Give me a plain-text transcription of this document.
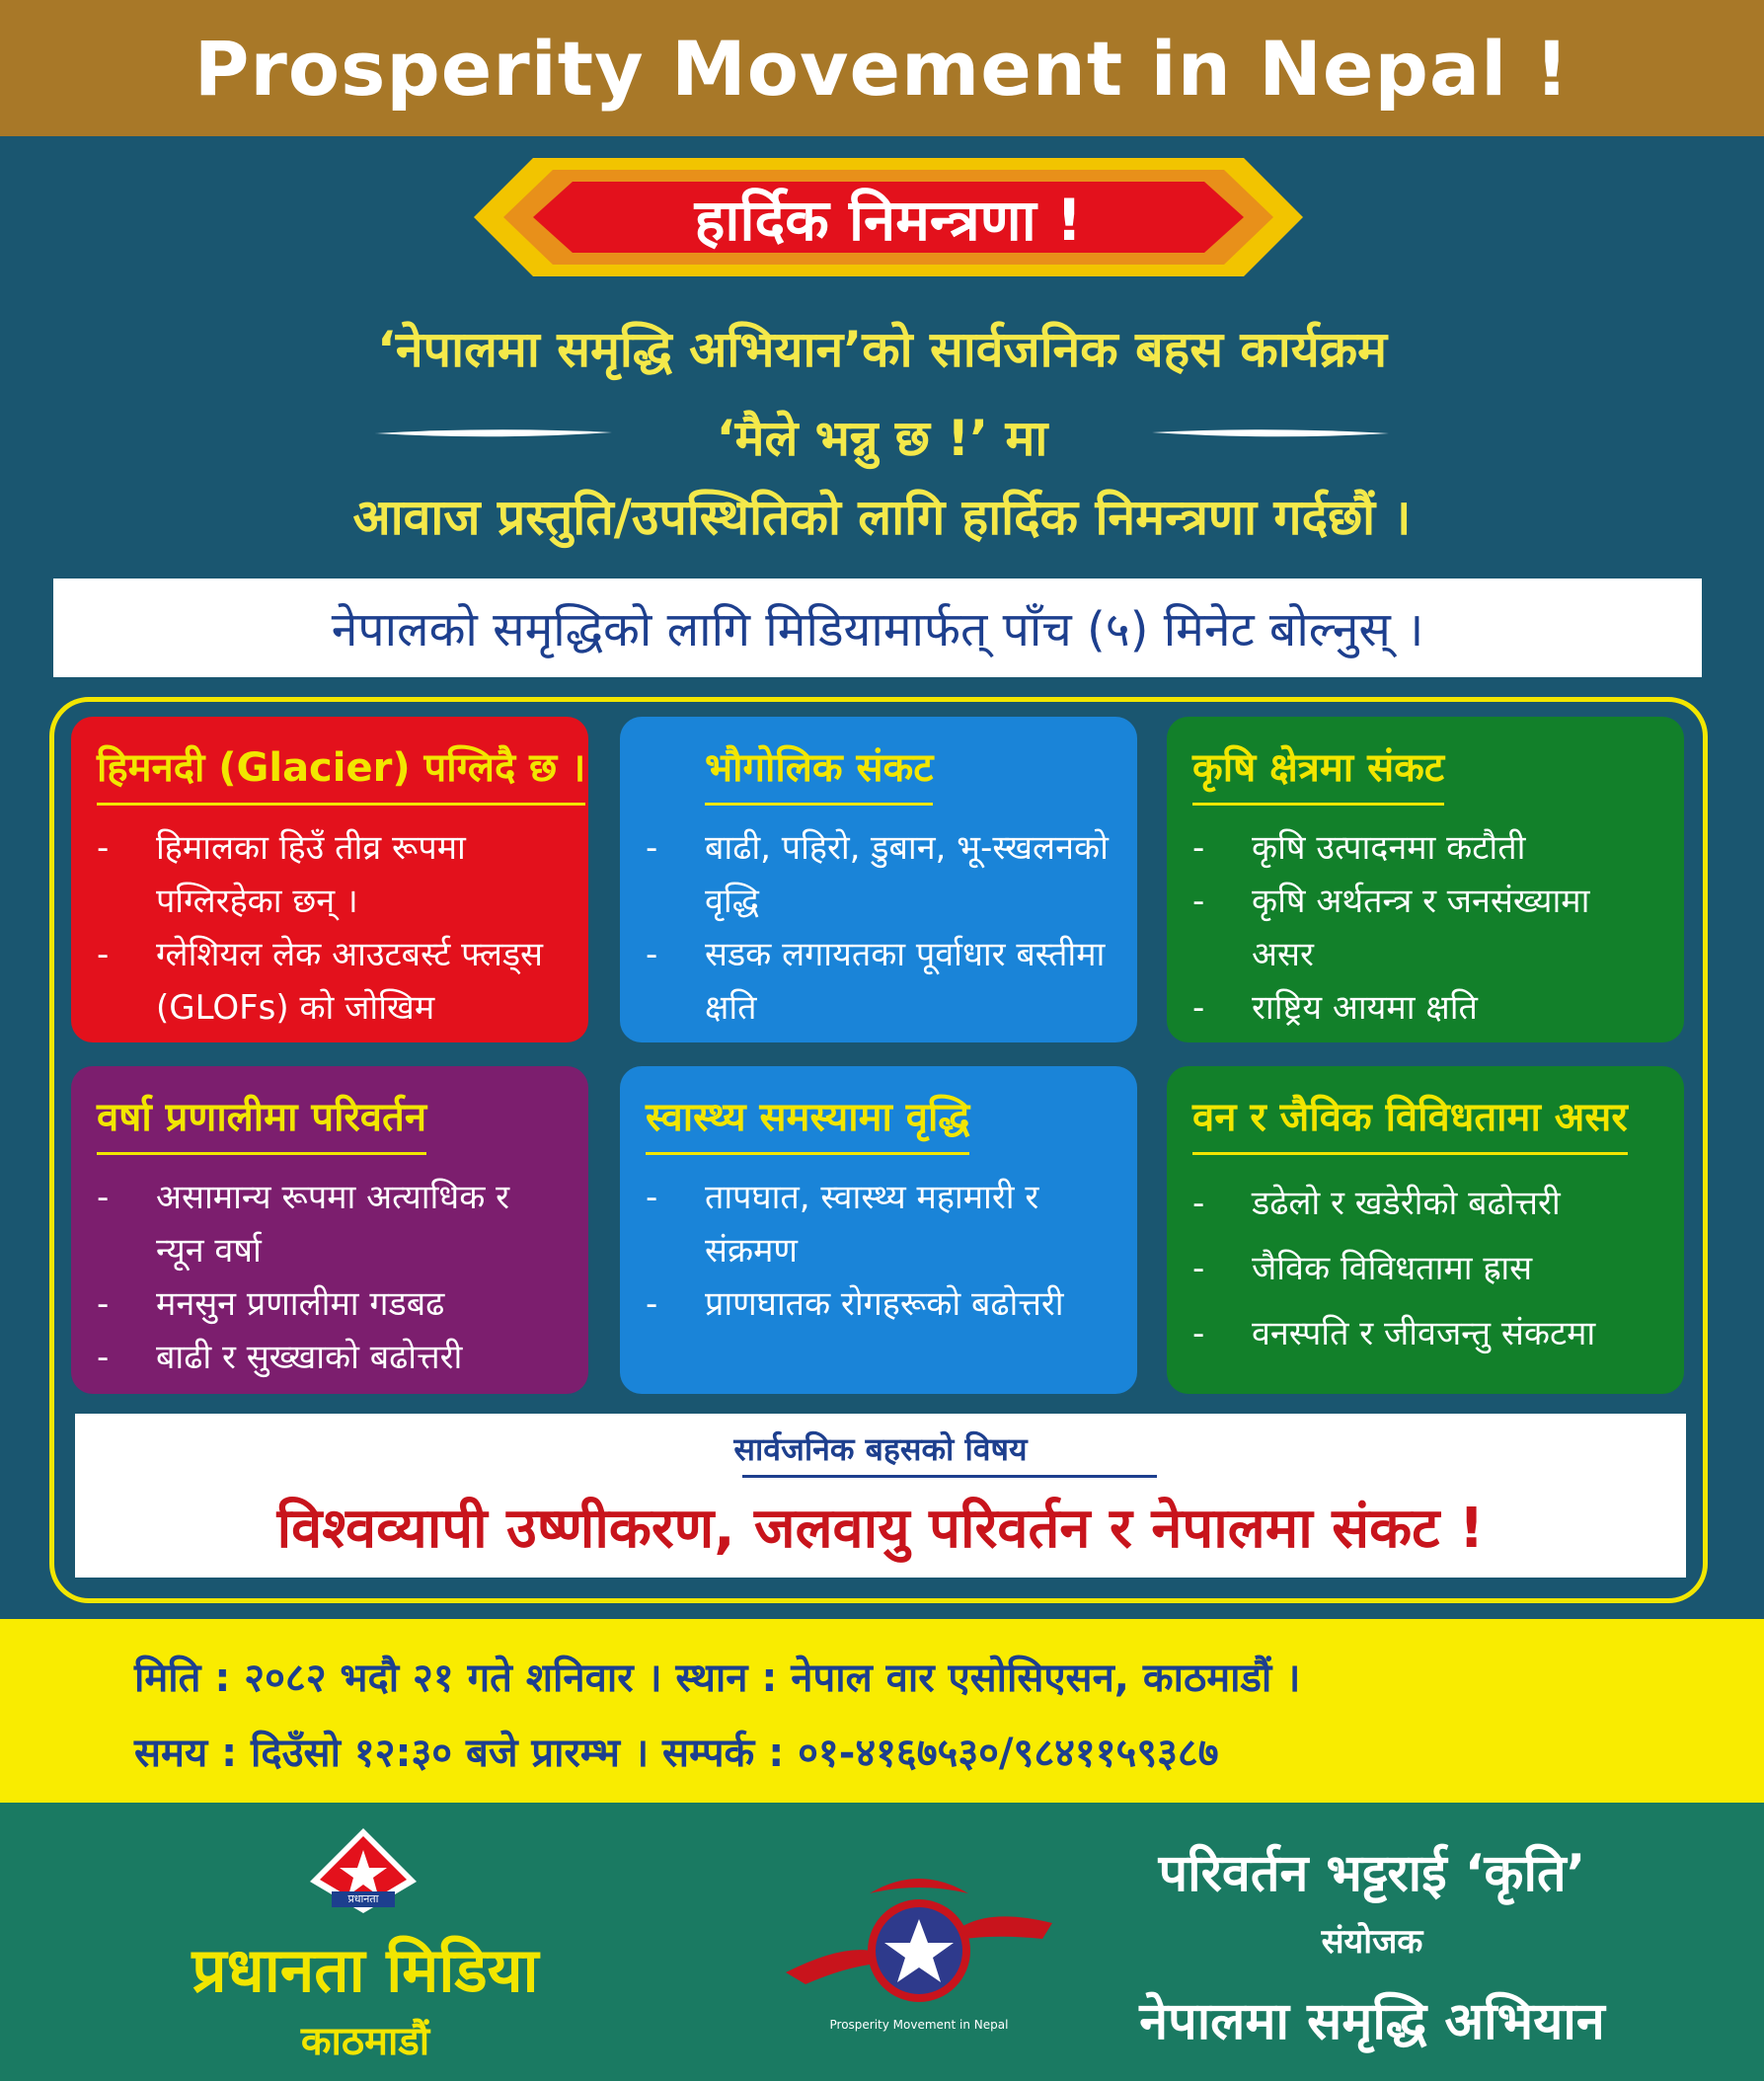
Prosperity Movement in Nepal !
हार्दिक निमन्त्रणा !
‘नेपालमा समृद्धि अभियान’को सार्वजनिक बहस कार्यक्रम
‘मैले भन्नु छ !’ मा
आवाज प्रस्तुति/उपस्थितिको लागि हार्दिक निमन्त्रणा गर्दछौं ।
नेपालको समृद्धिको लागि मिडियामार्फत् पाँच (५) मिनेट बोल्नुस् ।
हिमनदी (Glacier) पग्लिदै छ ।
- हिमालका हिउँ तीव्र रूपमा पग्लिरहेका छन् ।
- ग्लेशियल लेक आउटबर्स्ट फ्लड्स (GLOFs) को जोखिम
भौगोलिक संकट
- बाढी, पहिरो, डुबान, भू-स्खलनको वृद्धि
- सडक लगायतका पूर्वाधार बस्तीमा क्षति
कृषि क्षेत्रमा संकट
- कृषि उत्पादनमा कटौती
- कृषि अर्थतन्त्र र जनसंख्यामा असर
- राष्ट्रिय आयमा क्षति
वर्षा प्रणालीमा परिवर्तन
- असामान्य रूपमा अत्याधिक र न्यून वर्षा
- मनसुन प्रणालीमा गडबढ
- बाढी र सुख्खाको बढोत्तरी
स्वास्थ्य समस्यामा वृद्धि
- तापघात, स्वास्थ्य महामारी र संक्रमण
- प्राणघातक रोगहरूको बढोत्तरी
वन र जैविक विविधतामा असर
- डढेलो र खडेरीको बढोत्तरी
- जैविक विविधतामा ह्रास
- वनस्पति र जीवजन्तु संकटमा
सार्वजनिक बहसको विषय
विश्वव्यापी उष्णीकरण, जलवायु परिवर्तन र नेपालमा संकट !
मिति : २०८२ भदौ २१ गते शनिवार । स्थान : नेपाल वार एसोसिएसन, काठमाडौं ।
समय : दिउँसो १२:३० बजे प्रारम्भ । सम्पर्क : ०१-४१६७५३०/९८४११५९३८७
प्रधानता
प्रधानता मिडिया
काठमाडौं	Prosperity Movement in Nepal
परिवर्तन भट्टराई ‘कृति’
संयोजक
नेपालमा समृद्धि अभियान
